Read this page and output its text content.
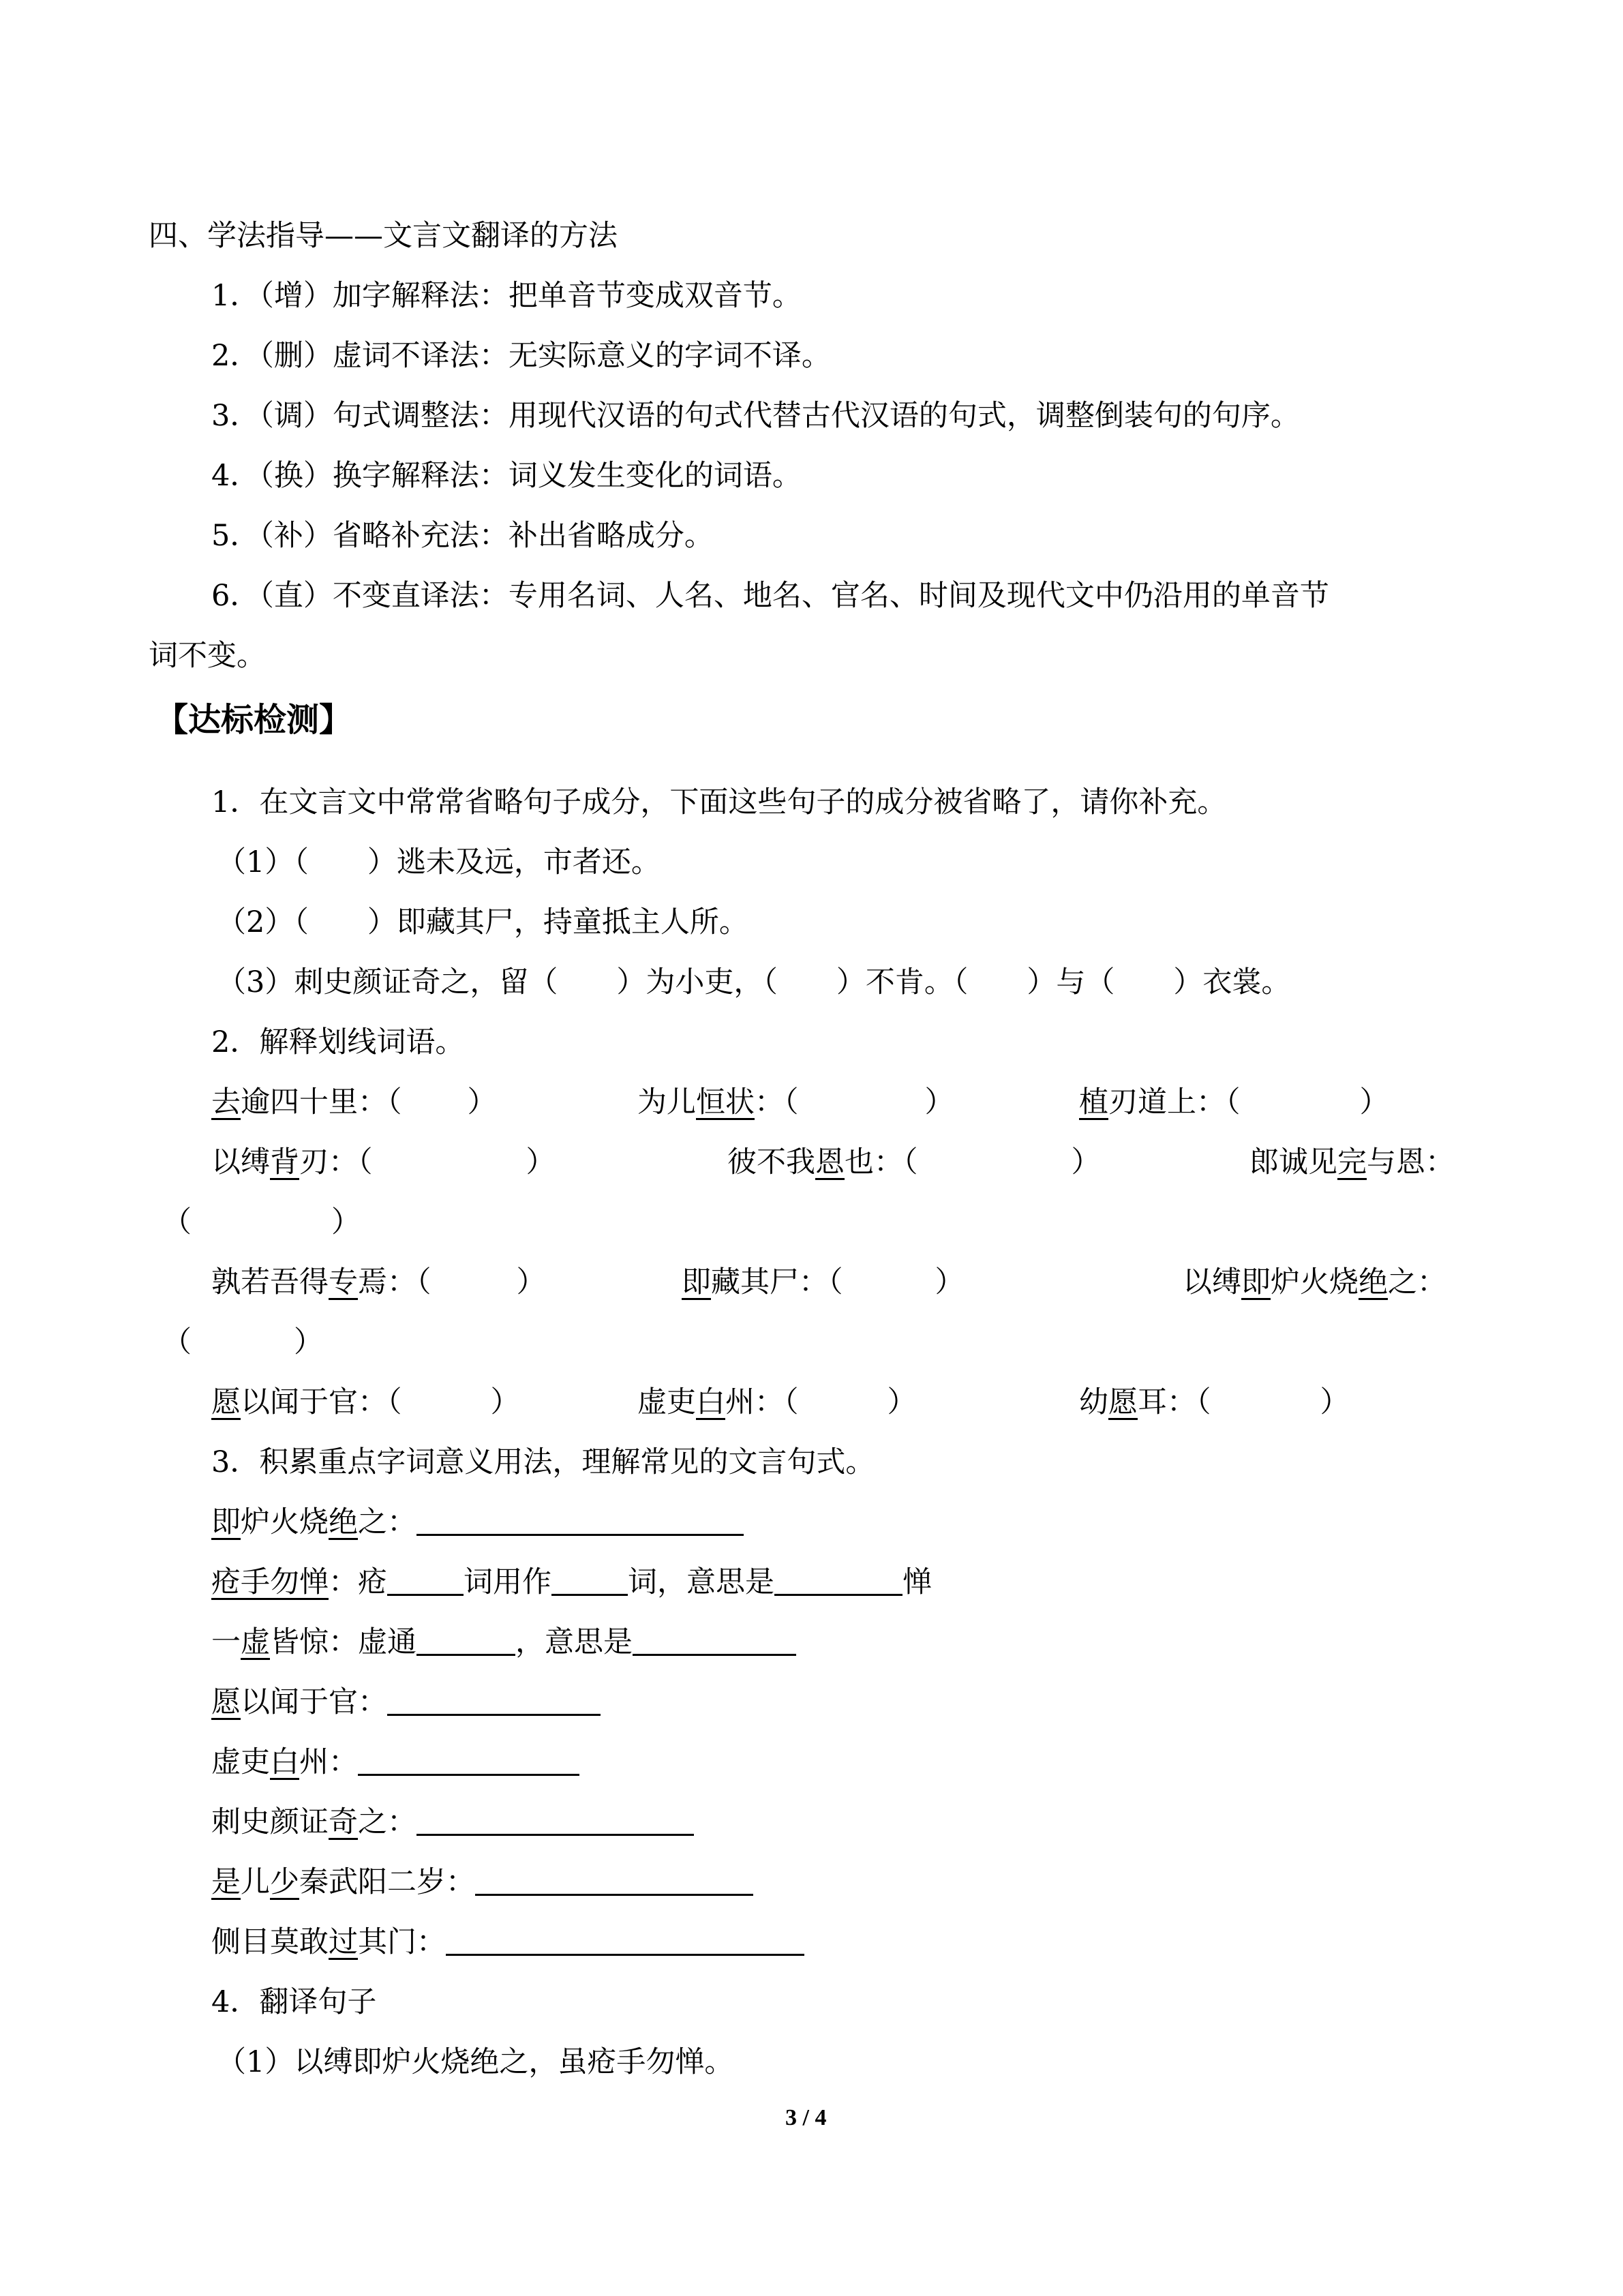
四、学法指导——文言文翻译的方法
1．（增）加字解释法：把单音节变成双音节。
2．（删）虚词不译法：无实际意义的字词不译。
3．（调）句式调整法：用现代汉语的句式代替古代汉语的句式，调整倒装句的句序。
4．（换）换字解释法：词义发生变化的词语。
5．（补）省略补充法：补出省略成分。
6．（直）不变直译法：专用名词、人名、地名、官名、时间及现代文中仍沿用的单音节
词不变。
【达标检测】
1．在文言文中常常省略句子成分，下面这些句子的成分被省略了，请你补充。
（1）（ ）逃未及远，市者还。
（2）（ ）即藏其尸，持童抵主人所。
（3）刺史颜证奇之，留（ ）为小吏，（ ）不肯。（ ）与（ ）衣裳。
2．解释划线词语。
去逾四十里：（ ）	为儿恒状：（	）	植刃道上：（	）
以缚背刃：（	）	彼不我恩也：（	）	郎诚见完与恩：
（	）
孰若吾得专焉：（	）	即藏其尸：（	）	以缚即炉火烧绝之：
（	）
愿以闻于官：（	）	虚吏白州：（	）	幼愿耳：（	）
3．积累重点字词意义用法，理解常见的文言句式。
即炉火烧绝之：
疮手勿惮：疮	词用作	词，意思是	惮
一虚皆惊：虚通	，意思是
愿以闻于官：
虚吏白州：
刺史颜证奇之：
是儿少秦武阳二岁：
侧目莫敢过其门：
4．翻译句子
（1）以缚即炉火烧绝之，虽疮手勿惮。
3 / 4
